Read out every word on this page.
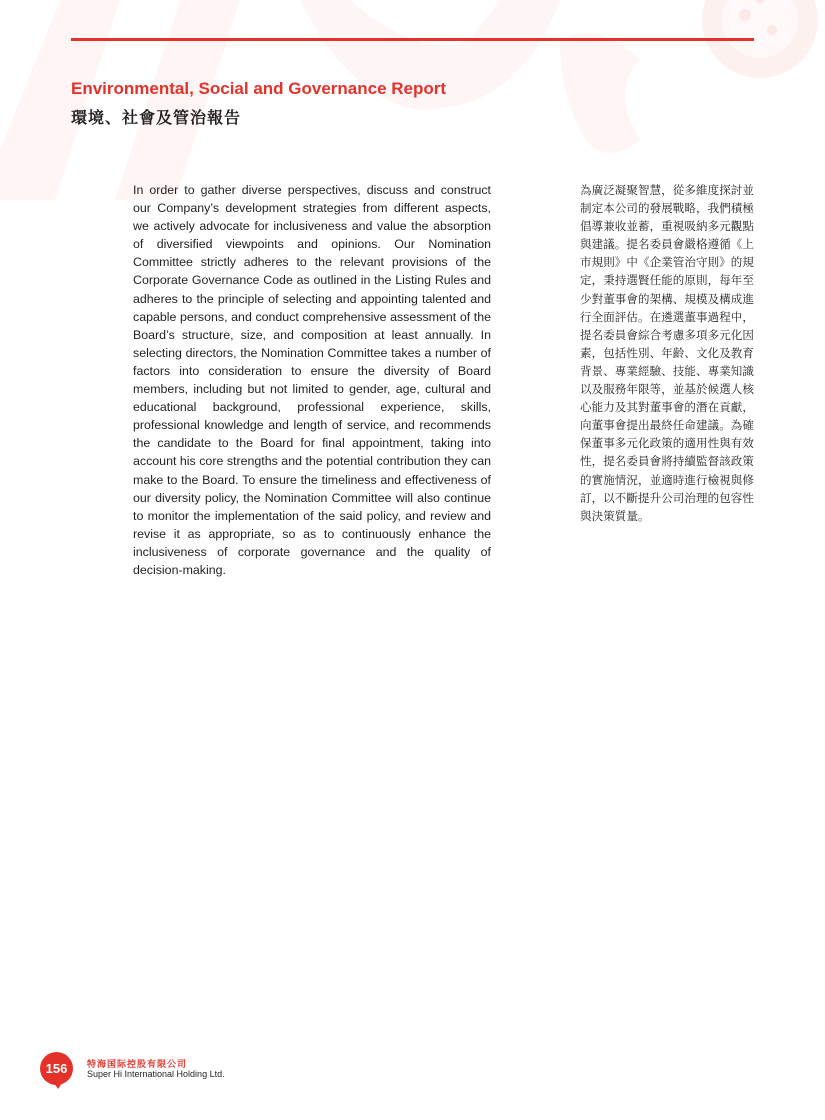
Environmental, Social and Governance Report
環境、社會及管治報告

In order to gather diverse perspectives, discuss and construct our Company’s development strategies from different aspects, we actively advocate for inclusiveness and value the absorption of diversified viewpoints and opinions. Our Nomination Committee strictly adheres to the relevant provisions of the Corporate Governance Code as outlined in the Listing Rules and adheres to the principle of selecting and appointing talented and capable persons, and conduct comprehensive assessment of the Board’s structure, size, and composition at least annually. In selecting directors, the Nomination Committee takes a number of factors into consideration to ensure the diversity of Board members, including but not limited to gender, age, cultural and educational background, professional experience, skills, professional knowledge and length of service, and recommends the candidate to the Board for final appointment, taking into account his core strengths and the potential contribution they can make to the Board. To ensure the timeliness and effectiveness of our diversity policy, the Nomination Committee will also continue to monitor the implementation of the said policy, and review and revise it as appropriate, so as to continuously enhance the inclusiveness of corporate governance and the quality of decision-making.

為廣泛凝聚智慧，從多維度探討並制定本公司的發展戰略，我們積極倡導兼收並蓄，重視吸納多元觀點與建議。提名委員會嚴格遵循《上市規則》中《企業管治守則》的規定，秉持選賢任能的原則，每年至少對董事會的架構、規模及構成進行全面評估。在遴選董事過程中，提名委員會綜合考慮多項多元化因素，包括性別、年齡、文化及教育背景、專業經驗、技能、專業知識以及服務年限等，並基於候選人核心能力及其對董事會的潛在貢獻，向董事會提出最終任命建議。為確保董事多元化政策的適用性與有效性，提名委員會將持續監督該政策的實施情況，並適時進行檢視與修訂，以不斷提升公司治理的包容性與決策質量。

156	特海国际控股有限公司
Super Hi International Holding Ltd.
